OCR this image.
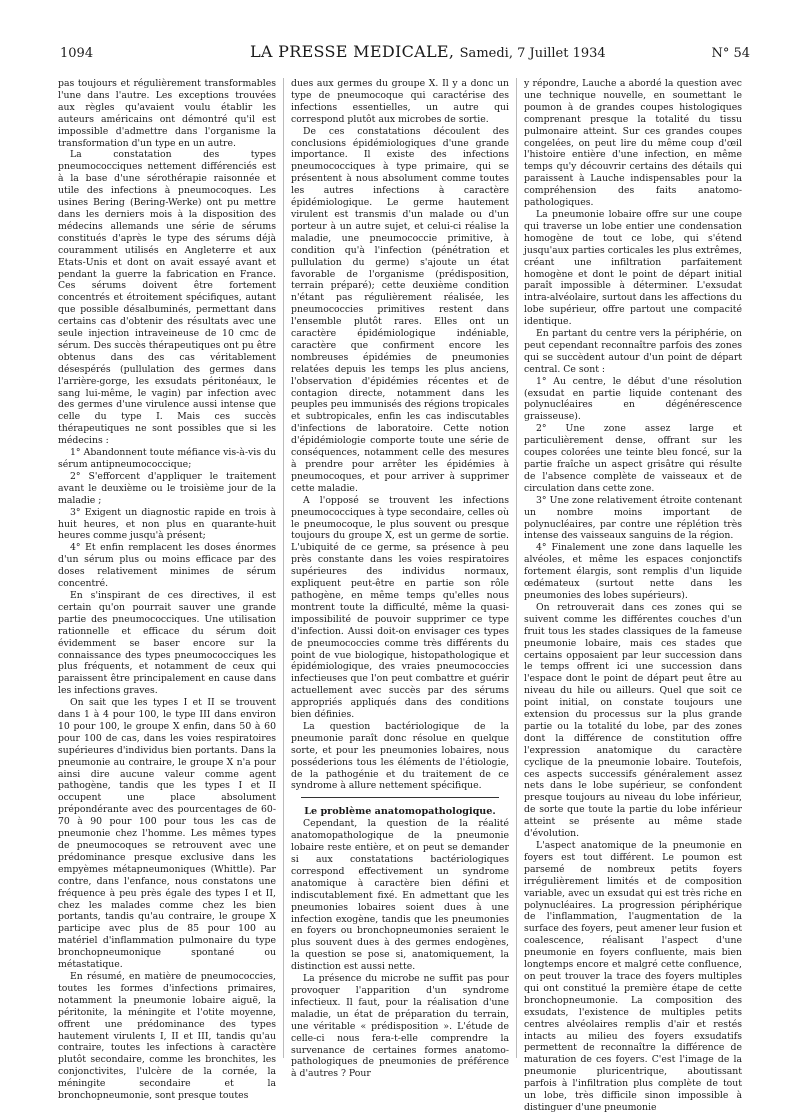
1094	LA PRESSE MEDICALE, Samedi, 7 Juillet 1934	N° 54

pas toujours et régulièrement transformables l'une dans l'autre. Les exceptions trouvées aux règles qu'avaient voulu établir les auteurs américains ont démontré qu'il est impossible d'admettre dans l'organisme la transformation d'un type en un autre.

La constatation des types pneumococciques nettement différenciés est à la base d'une sérothérapie raisonnée et utile des infections à pneumocoques. Les usines Bering (Bering-Werke) ont pu mettre dans les derniers mois à la disposition des médecins allemands une série de sérums constitués d'après le type des sérums déjà couramment utilisés en Angleterre et aux Etats-Unis et dont on avait essayé avant et pendant la guerre la fabrication en France. Ces sérums doivent être fortement concentrés et étroitement spécifiques, autant que possible désalbuminés, permettant dans certains cas d'obtenir des résultats avec une seule injection intraveineuse de 10 cmc de sérum. Des succès thérapeutiques ont pu être obtenus dans des cas véritablement désespérés (pullulation des germes dans l'arrière-gorge, les exsudats péritonéaux, le sang lui-même, le vagin) par infection avec des germes d'une virulence aussi intense que celle du type I. Mais ces succès thérapeutiques ne sont possibles que si les médecins :

1° Abandonnent toute méfiance vis-à-vis du sérum antipneumococcique;

2° S'efforcent d'appliquer le traitement avant le deuxième ou le troisième jour de la maladie ;

3° Exigent un diagnostic rapide en trois à huit heures, et non plus en quarante-huit heures comme jusqu'à présent;

4° Et enfin remplacent les doses énormes d'un sérum plus ou moins efficace par des doses relativement minimes de sérum concentré.

En s'inspirant de ces directives, il est certain qu'on pourrait sauver une grande partie des pneumococciques. Une utilisation rationnelle et efficace du sérum doit évidemment se baser encore sur la connaissance des types pneumococciques les plus fréquents, et notamment de ceux qui paraissent être principalement en cause dans les infections graves.

On sait que les types I et II se trouvent dans 1 à 4 pour 100, le type III dans environ 10 pour 100, le groupe X enfin, dans 50 à 60 pour 100 de cas, dans les voies respiratoires supérieures d'individus bien portants. Dans la pneumonie au contraire, le groupe X n'a pour ainsi dire aucune valeur comme agent pathogène, tandis que les types I et II occupent une place absolument prépondérante avec des pourcentages de 60-70 à 90 pour 100 pour tous les cas de pneumonie chez l'homme. Les mêmes types de pneumocoques se retrouvent avec une prédominance presque exclusive dans les empyèmes métapneumoniques (Whittle). Par contre, dans l'enfance, nous constatons une fréquence à peu près égale des types I et II, chez les malades comme chez les bien portants, tandis qu'au contraire, le groupe X participe avec plus de 85 pour 100 au matériel d'inflammation pulmonaire du type bronchopneumonique spontané ou métastatique.

En résumé, en matière de pneumococcies, toutes les formes d'infections primaires, notamment la pneumonie lobaire aiguë, la péritonite, la méningite et l'otite moyenne, offrent une prédominance des types hautement virulents I, II et III, tandis qu'au contraire, toutes les infections à caractère plutôt secondaire, comme les bronchites, les conjonctivites, l'ulcère de la cornée, la méningite secondaire et la bronchopneumonie, sont presque toutes

dues aux germes du groupe X. Il y a donc un type de pneumocoque qui caractérise des infections essentielles, un autre qui correspond plutôt aux microbes de sortie.

De ces constatations découlent des conclusions épidémiologiques d'une grande importance. Il existe des infections pneumococciques à type primaire, qui se présentent à nous absolument comme toutes les autres infections à caractère épidémiologique. Le germe hautement virulent est transmis d'un malade ou d'un porteur à un autre sujet, et celui-ci réalise la maladie, une pneumococcie primitive, à condition qu'à l'infection (pénétration et pullulation du germe) s'ajoute un état favorable de l'organisme (prédisposition, terrain préparé); cette deuxième condition n'étant pas régulièrement réalisée, les pneumococcies primitives restent dans l'ensemble plutôt rares. Elles ont un caractère épidémiologique indéniable, caractère que confirment encore les nombreuses épidémies de pneumonies relatées depuis les temps les plus anciens, l'observation d'épidémies récentes et de contagion directe, notamment dans les peuples peu immunisés des régions tropicales et subtropicales, enfin les cas indiscutables d'infections de laboratoire. Cette notion d'épidémiologie comporte toute une série de conséquences, notamment celle des mesures à prendre pour arrêter les épidémies à pneumocoques, et pour arriver à supprimer cette maladie.

A l'opposé se trouvent les infections pneumococciques à type secondaire, celles où le pneumocoque, le plus souvent ou presque toujours du groupe X, est un germe de sortie. L'ubiquité de ce germe, sa présence à peu près constante dans les voies respiratoires supérieures des individus normaux, expliquent peut-être en partie son rôle pathogène, en même temps qu'elles nous montrent toute la difficulté, même la quasi-impossibilité de pouvoir supprimer ce type d'infection. Aussi doit-on envisager ces types de pneumococcies comme très différents du point de vue biologique, histopathologique et épidémiologique, des vraies pneumococcies infectieuses que l'on peut combattre et guérir actuellement avec succès par des sérums appropriés appliqués dans des conditions bien définies.

La question bactériologique de la pneumonie paraît donc résolue en quelque sorte, et pour les pneumonies lobaires, nous posséderions tous les éléments de l'étiologie, de la pathogénie et du traitement de ce syndrome à allure nettement spécifique.

Le problème anatomopathologique.

Cependant, la question de la réalité anatomopathologique de la pneumonie lobaire reste entière, et on peut se demander si aux constatations bactériologiques correspond effectivement un syndrome anatomique à caractère bien défini et indiscutablement fixé. En admettant que les pneumonies lobaires soient dues à une infection exogène, tandis que les pneumonies en foyers ou bronchopneumonies seraient le plus souvent dues à des germes endogènes, la question se pose si, anatomiquement, la distinction est aussi nette.

La présence du microbe ne suffit pas pour provoquer l'apparition d'un syndrome infectieux. Il faut, pour la réalisation d'une maladie, un état de préparation du terrain, une véritable « prédisposition ». L'étude de celle-ci nous fera-t-elle comprendre la survenance de certaines formes anatomo-pathologiques de pneumonies de préférence à d'autres ? Pour

y répondre, Lauche a abordé la question avec une technique nouvelle, en soumettant le poumon à de grandes coupes histologiques comprenant presque la totalité du tissu pulmonaire atteint. Sur ces grandes coupes congelées, on peut lire du même coup d'œil l'histoire entière d'une infection, en même temps qu'y découvrir certains des détails qui paraissent à Lauche indispensables pour la compréhension des faits anatomo-pathologiques.

La pneumonie lobaire offre sur une coupe qui traverse un lobe entier une condensation homogène de tout ce lobe, qui s'étend jusqu'aux parties corticales les plus extrêmes, créant une infiltration parfaitement homogène et dont le point de départ initial paraît impossible à déterminer. L'exsudat intra-alvéolaire, surtout dans les affections du lobe supérieur, offre partout une compacité identique.

En partant du centre vers la périphérie, on peut cependant reconnaître parfois des zones qui se succèdent autour d'un point de départ central. Ce sont :

1° Au centre, le début d'une résolution (exsudat en partie liquide contenant des polynucléaires en dégénérescence graisseuse).

2° Une zone assez large et particulièrement dense, offrant sur les coupes colorées une teinte bleu foncé, sur la partie fraîche un aspect grisâtre qui résulte de l'absence complète de vaisseaux et de circulation dans cette zone.

3° Une zone relativement étroite contenant un nombre moins important de polynucléaires, par contre une réplétion très intense des vaisseaux sanguins de la région.

4° Finalement une zone dans laquelle les alvéoles, et même les espaces conjonctifs fortement élargis, sont remplis d'un liquide œdémateux (surtout nette dans les pneumonies des lobes supérieurs).

On retrouverait dans ces zones qui se suivent comme les différentes couches d'un fruit tous les stades classiques de la fameuse pneumonie lobaire, mais ces stades que certains opposaient par leur succession dans le temps offrent ici une succession dans l'espace dont le point de départ peut être au niveau du hile ou ailleurs. Quel que soit ce point initial, on constate toujours une extension du processus sur la plus grande partie ou la totalité du lobe, par des zones dont la différence de constitution offre l'expression anatomique du caractère cyclique de la pneumonie lobaire. Toutefois, ces aspects successifs généralement assez nets dans le lobe supérieur, se confondent presque toujours au niveau du lobe inférieur, de sorte que toute la partie du lobe inférieur atteint se présente au même stade d'évolution.

L'aspect anatomique de la pneumonie en foyers est tout différent. Le poumon est parsemé de nombreux petits foyers irrégulièrement limités et de composition variable, avec un exsudat qui est très riche en polynucléaires. La progression périphérique de l'inflammation, l'augmentation de la surface des foyers, peut amener leur fusion et coalescence, réalisant l'aspect d'une pneumonie en foyers confluente, mais bien longtemps encore et malgré cette confluence, on peut trouver la trace des foyers multiples qui ont constitué la première étape de cette bronchopneumonie. La composition des exsudats, l'existence de multiples petits centres alvéolaires remplis d'air et restés intacts au milieu des foyers exsudatifs permettent de reconnaître la différence de maturation de ces foyers. C'est l'image de la pneumonie pluricentrique, aboutissant parfois à l'infiltration plus complète de tout un lobe, très difficile sinon impossible à distinguer d'une pneumonie
